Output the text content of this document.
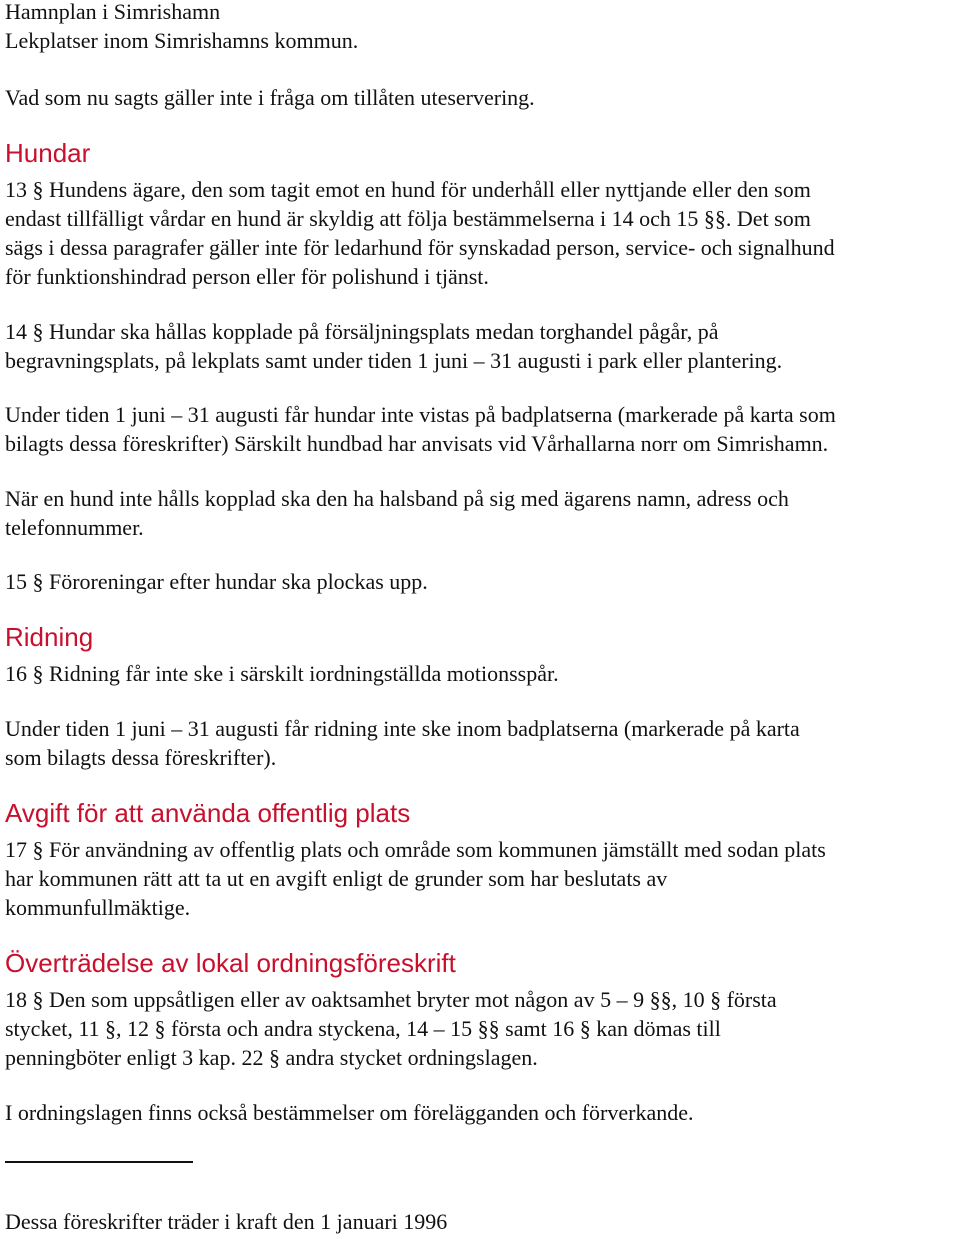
Hamnplan i Simrishamn
Lekplatser inom Simrishamns kommun.
Vad som nu sagts gäller inte i fråga om tillåten uteservering.
Hundar
13 § Hundens ägare, den som tagit emot en hund för underhåll eller nyttjande eller den som
endast tillfälligt vårdar en hund är skyldig att följa bestämmelserna i 14 och 15 §§. Det som
sägs i dessa paragrafer gäller inte för ledarhund för synskadad person, service- och signalhund
för funktionshindrad person eller för polishund i tjänst.
14 § Hundar ska hållas kopplade på försäljningsplats medan torghandel pågår, på
begravningsplats, på lekplats samt under tiden 1 juni – 31 augusti i park eller plantering.
Under tiden 1 juni – 31 augusti får hundar inte vistas på badplatserna (markerade på karta som
bilagts dessa föreskrifter) Särskilt hundbad har anvisats vid Vårhallarna norr om Simrishamn.
När en hund inte hålls kopplad ska den ha halsband på sig med ägarens namn, adress och
telefonnummer.
15 § Föroreningar efter hundar ska plockas upp.
Ridning
16 § Ridning får inte ske i särskilt iordningställda motionsspår.
Under tiden 1 juni – 31 augusti får ridning inte ske inom badplatserna (markerade på karta
som bilagts dessa föreskrifter).
Avgift för att använda offentlig plats
17 § För användning av offentlig plats och område som kommunen jämställt med sodan plats
har kommunen rätt att ta ut en avgift enligt de grunder som har beslutats av
kommunfullmäktige.
Överträdelse av lokal ordningsföreskrift
18 § Den som uppsåtligen eller av oaktsamhet bryter mot någon av 5 – 9 §§, 10 § första
stycket, 11 §, 12 § första och andra styckena, 14 – 15 §§ samt 16 § kan dömas till
penningböter enligt 3 kap. 22 § andra stycket ordningslagen.
I ordningslagen finns också bestämmelser om förelägganden och förverkande.
Dessa föreskrifter träder i kraft den 1 januari 1996
